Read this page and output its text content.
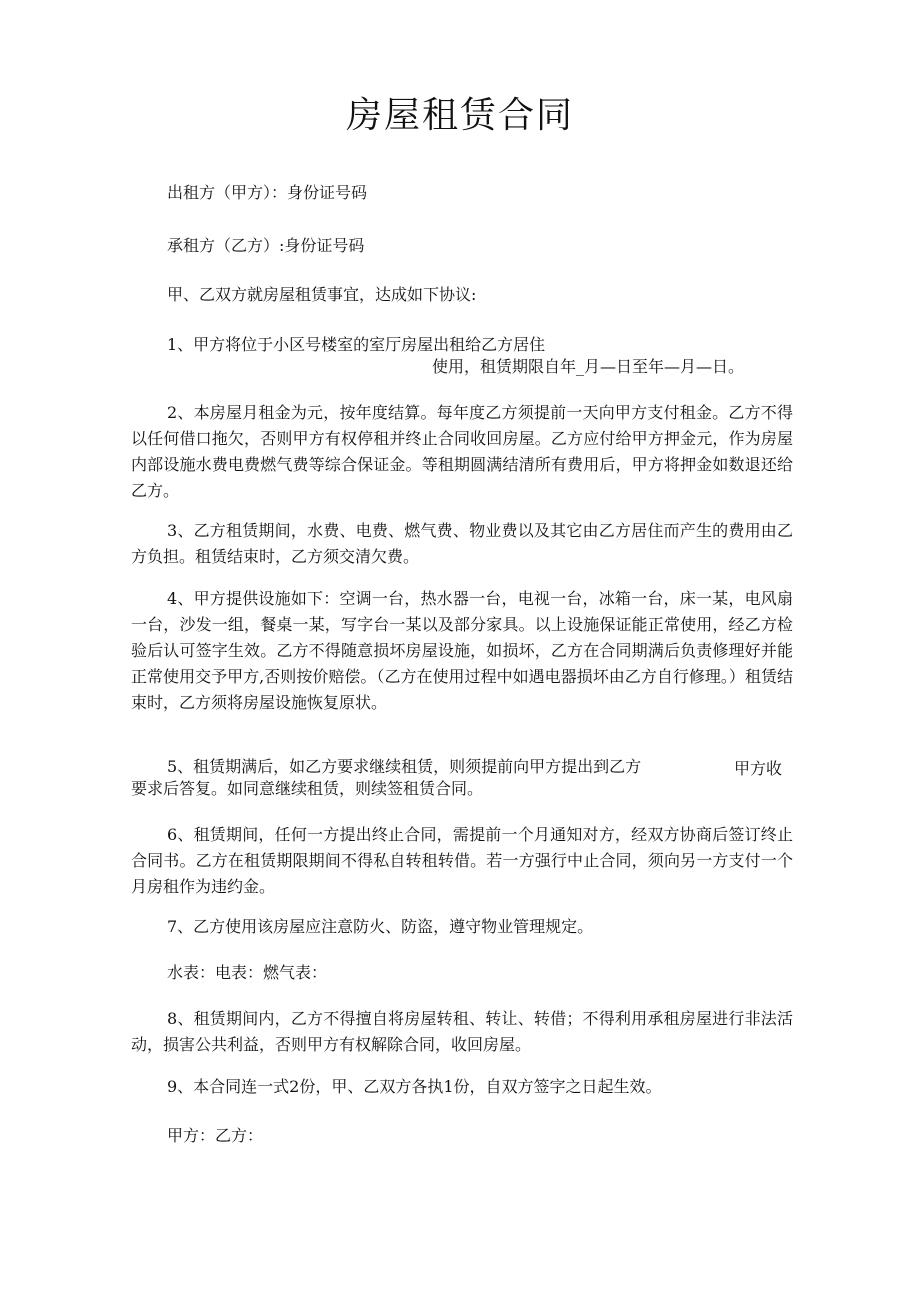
房屋租赁合同
出租方（甲方）：身份证号码
承租方（乙方）:身份证号码
甲、乙双方就房屋租赁事宜，达成如下协议:
1、甲方将位于小区号楼室的室厅房屋出租给乙方居住
使用，租赁期限自年_月—日至年—月—日。
2、本房屋月租金为元，按年度结算。每年度乙方须提前一天向甲方支付租金。乙方不得以任何借口拖欠，否则甲方有权停租并终止合同收回房屋。乙方应付给甲方押金元，作为房屋内部设施水费电费燃气费等综合保证金。等租期圆满结清所有费用后，甲方将押金如数退还给乙方。
3、乙方租赁期间，水费、电费、燃气费、物业费以及其它由乙方居住而产生的费用由乙方负担。租赁结束时，乙方须交清欠费。
4、甲方提供设施如下：空调一台，热水器一台，电视一台，冰箱一台，床一某，电风扇一台，沙发一组，餐桌一某，写字台一某以及部分家具。以上设施保证能正常使用，经乙方检验后认可签字生效。乙方不得随意损坏房屋设施，如损坏，乙方在合同期满后负责修理好并能正常使用交予甲方,否则按价赔偿。（乙方在使用过程中如遇电器损坏由乙方自行修理。）租赁结束时，乙方须将房屋设施恢复原状。
5、租赁期满后，如乙方要求继续租赁，则须提前向甲方提出到乙方	甲方收
要求后答复。如同意继续租赁，则续签租赁合同。
6、租赁期间，任何一方提出终止合同，需提前一个月通知对方，经双方协商后签订终止合同书。乙方在租赁期限期间不得私自转租转借。若一方强行中止合同，须向另一方支付一个月房租作为违约金。
7、乙方使用该房屋应注意防火、防盗，遵守物业管理规定。
水表：电表：燃气表：
8、租赁期间内，乙方不得擅自将房屋转租、转让、转借；不得利用承租房屋进行非法活动，损害公共利益，否则甲方有权解除合同，收回房屋。
9、本合同连一式2份，甲、乙双方各执1份，自双方签字之日起生效。
甲方：乙方：
